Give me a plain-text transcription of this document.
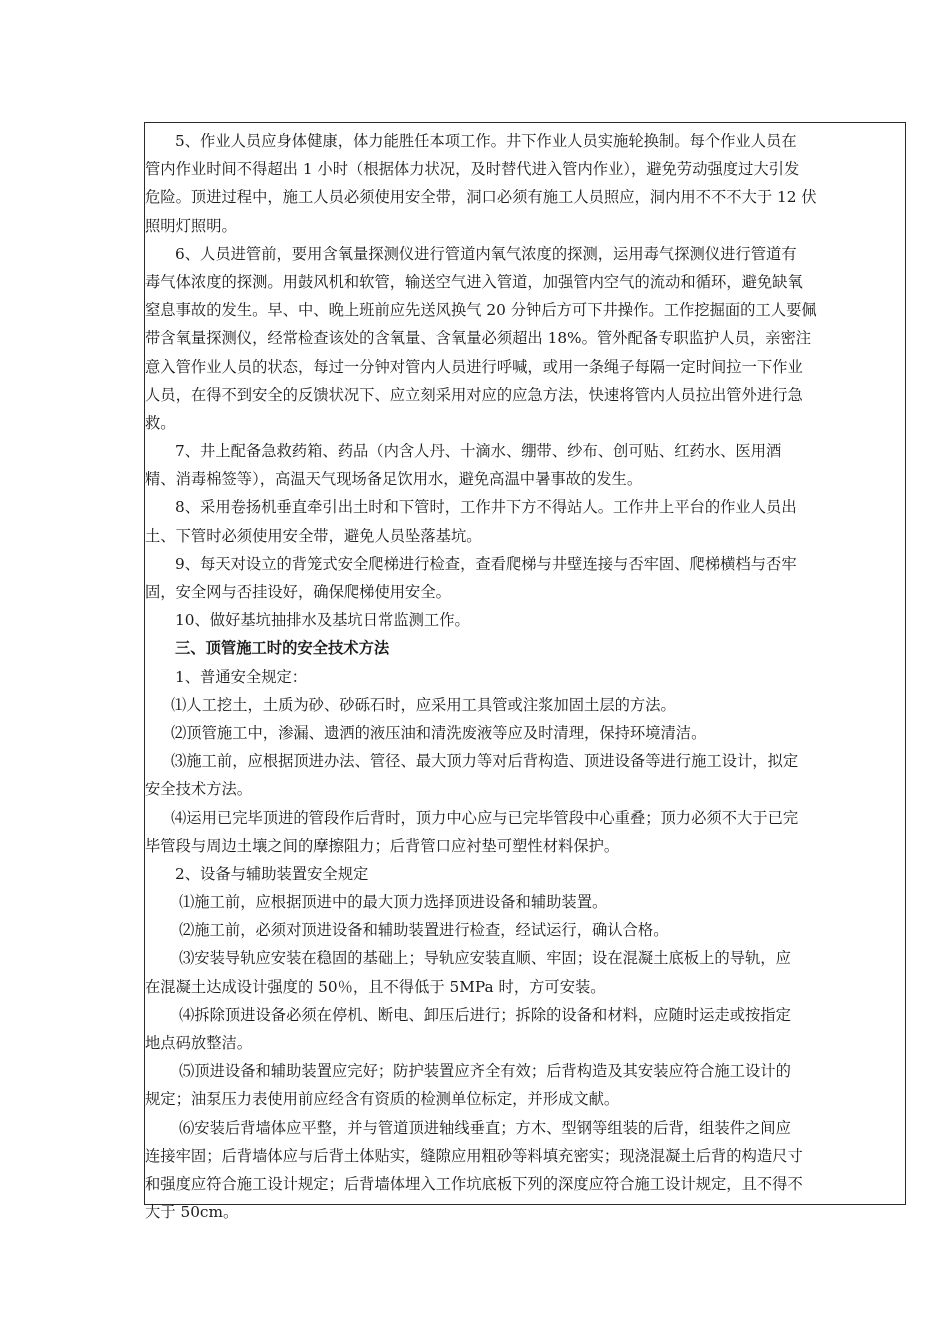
5、作业人员应身体健康，体力能胜任本项工作。井下作业人员实施轮换制。每个作业人员在
管内作业时间不得超出 1 小时（根据体力状况，及时替代进入管内作业），避免劳动强度过大引发
危险。顶进过程中，施工人员必须使用安全带，洞口必须有施工人员照应，洞内用不不不大于 12 伏
照明灯照明。
6、人员进管前，要用含氧量探测仪进行管道内氧气浓度的探测，运用毒气探测仪进行管道有
毒气体浓度的探测。用鼓风机和软管，输送空气进入管道，加强管内空气的流动和循环，避免缺氧
窒息事故的发生。早、中、晚上班前应先送风换气 20 分钟后方可下井操作。工作挖掘面的工人要佩
带含氧量探测仪，经常检查该处的含氧量、含氧量必须超出 18%。管外配备专职监护人员，亲密注
意入管作业人员的状态，每过一分钟对管内人员进行呼喊，或用一条绳子每隔一定时间拉一下作业
人员，在得不到安全的反馈状况下、应立刻采用对应的应急方法，快速将管内人员拉出管外进行急
救。
7、井上配备急救药箱、药品（内含人丹、十滴水、绷带、纱布、创可贴、红药水、医用酒
精、消毒棉签等），高温天气现场备足饮用水，避免高温中暑事故的发生。
8、采用卷扬机垂直牵引出土时和下管时，工作井下方不得站人。工作井上平台的作业人员出
土、下管时必须使用安全带，避免人员坠落基坑。
9、每天对设立的背笼式安全爬梯进行检查，查看爬梯与井壁连接与否牢固、爬梯横档与否牢
固，安全网与否挂设好，确保爬梯使用安全。
10、做好基坑抽排水及基坑日常监测工作。
三、顶管施工时的安全技术方法
1、普通安全规定：
⑴人工挖土，土质为砂、砂砾石时，应采用工具管或注浆加固土层的方法。
⑵顶管施工中，渗漏、遗洒的液压油和清洗废液等应及时清理，保持环境清洁。
⑶施工前，应根据顶进办法、管径、最大顶力等对后背构造、顶进设备等进行施工设计，拟定
安全技术方法。
⑷运用已完毕顶进的管段作后背时，顶力中心应与已完毕管段中心重叠；顶力必须不大于已完
毕管段与周边土壤之间的摩擦阻力；后背管口应衬垫可塑性材料保护。
2、设备与辅助装置安全规定
⑴施工前，应根据顶进中的最大顶力选择顶进设备和辅助装置。
⑵施工前，必须对顶进设备和辅助装置进行检查，经试运行，确认合格。
⑶安装导轨应安装在稳固的基础上；导轨应安装直顺、牢固；设在混凝土底板上的导轨，应
在混凝土达成设计强度的 50％，且不得低于 5MPa 时，方可安装。
⑷拆除顶进设备必须在停机、断电、卸压后进行；拆除的设备和材料，应随时运走或按指定
地点码放整洁。
⑸顶进设备和辅助装置应完好；防护装置应齐全有效；后背构造及其安装应符合施工设计的
规定；油泵压力表使用前应经含有资质的检测单位标定，并形成文献。
⑹安装后背墙体应平整，并与管道顶进轴线垂直；方木、型钢等组装的后背，组装件之间应
连接牢固；后背墙体应与后背土体贴实，缝隙应用粗砂等料填充密实；现浇混凝土后背的构造尺寸
和强度应符合施工设计规定；后背墙体埋入工作坑底板下列的深度应符合施工设计规定，且不得不
大于 50cm。
